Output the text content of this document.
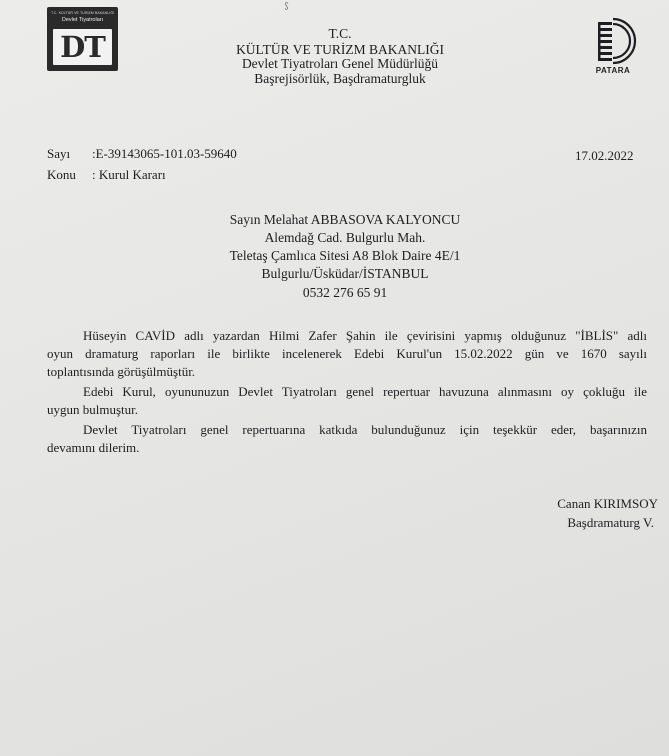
ᔑ
T.C. KÜLTÜR VE TURİZM BAKANLIĞI
Devlet Tiyatroları
DT	T.C.
KÜLTÜR VE TURİZM BAKANLIĞI
Devlet Tiyatroları Genel Müdürlüğü
Başrejisörlük, Başdramaturgluk
PATARA
Sayı :E-39143065-101.03-59640	17.02.2022
Konu : Kurul Kararı
Sayın Melahat ABBASOVA KALYONCU
Alemdağ Cad. Bulgurlu Mah.
Teletaş Çamlıca Sitesi A8 Blok Daire 4E/1
Bulgurlu/Üsküdar/İSTANBUL
0532 276 65 91
Hüseyin CAVİD adlı yazardan Hilmi Zafer Şahin ile çevirisini yapmış olduğunuz "İBLİS" adlı
oyun dramaturg raporları ile birlikte incelenerek Edebi Kurul'un 15.02.2022 gün ve 1670 sayılı
toplantısında görüşülmüştür.
Edebi Kurul, oyununuzun Devlet Tiyatroları genel repertuar havuzuna alınmasını oy çokluğu ile
uygun bulmuştur.
Devlet Tiyatroları genel repertuarına katkıda bulunduğunuz için teşekkür eder, başarınızın
devamını dilerim.
Canan KIRIMSOY
Başdramaturg V.
